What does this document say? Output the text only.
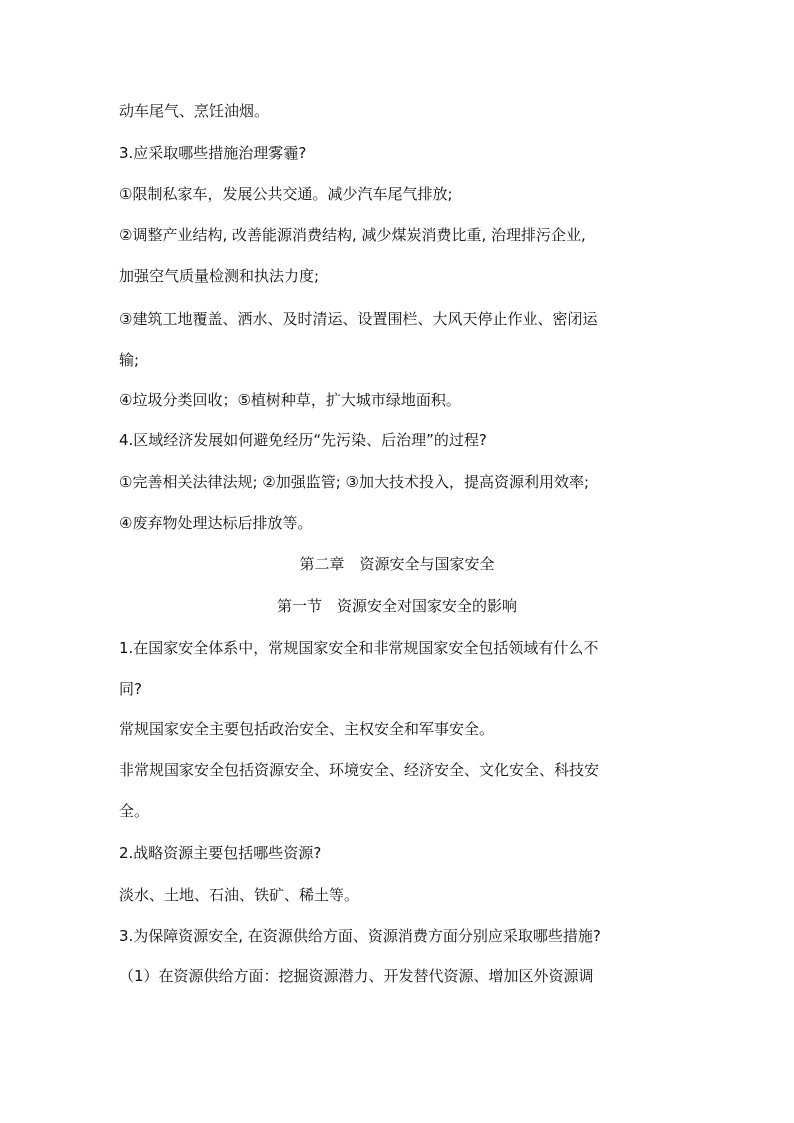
动车尾气、烹饪油烟。
3.应采取哪些措施治理雾霾?
①限制私家车，发展公共交通。减少汽车尾气排放;
②调整产业结构, 改善能源消费结构, 减少煤炭消费比重, 治理排污企业,
加强空气质量检测和执法力度;
③建筑工地覆盖、洒水、及时清运、设置围栏、大风天停止作业、密闭运
输;
④垃圾分类回收；⑤植树种草，扩大城市绿地面积。
4.区域经济发展如何避免经历“先污染、后治理”的过程?
①完善相关法律法规; ②加强监管; ③加大技术投入，提高资源利用效率;
④废弃物处理达标后排放等。
第二章　资源安全与国家安全
第一节　资源安全对国家安全的影响
1.在国家安全体系中，常规国家安全和非常规国家安全包括领域有什么不
同?
常规国家安全主要包括政治安全、主权安全和军事安全。
非常规国家安全包括资源安全、环境安全、经济安全、文化安全、科技安
全。
2.战略资源主要包括哪些资源?
淡水、土地、石油、铁矿、稀土等。
3.为保障资源安全, 在资源供给方面、资源消费方面分别应采取哪些措施?
（1）在资源供给方面：挖掘资源潜力、开发替代资源、增加区外资源调
